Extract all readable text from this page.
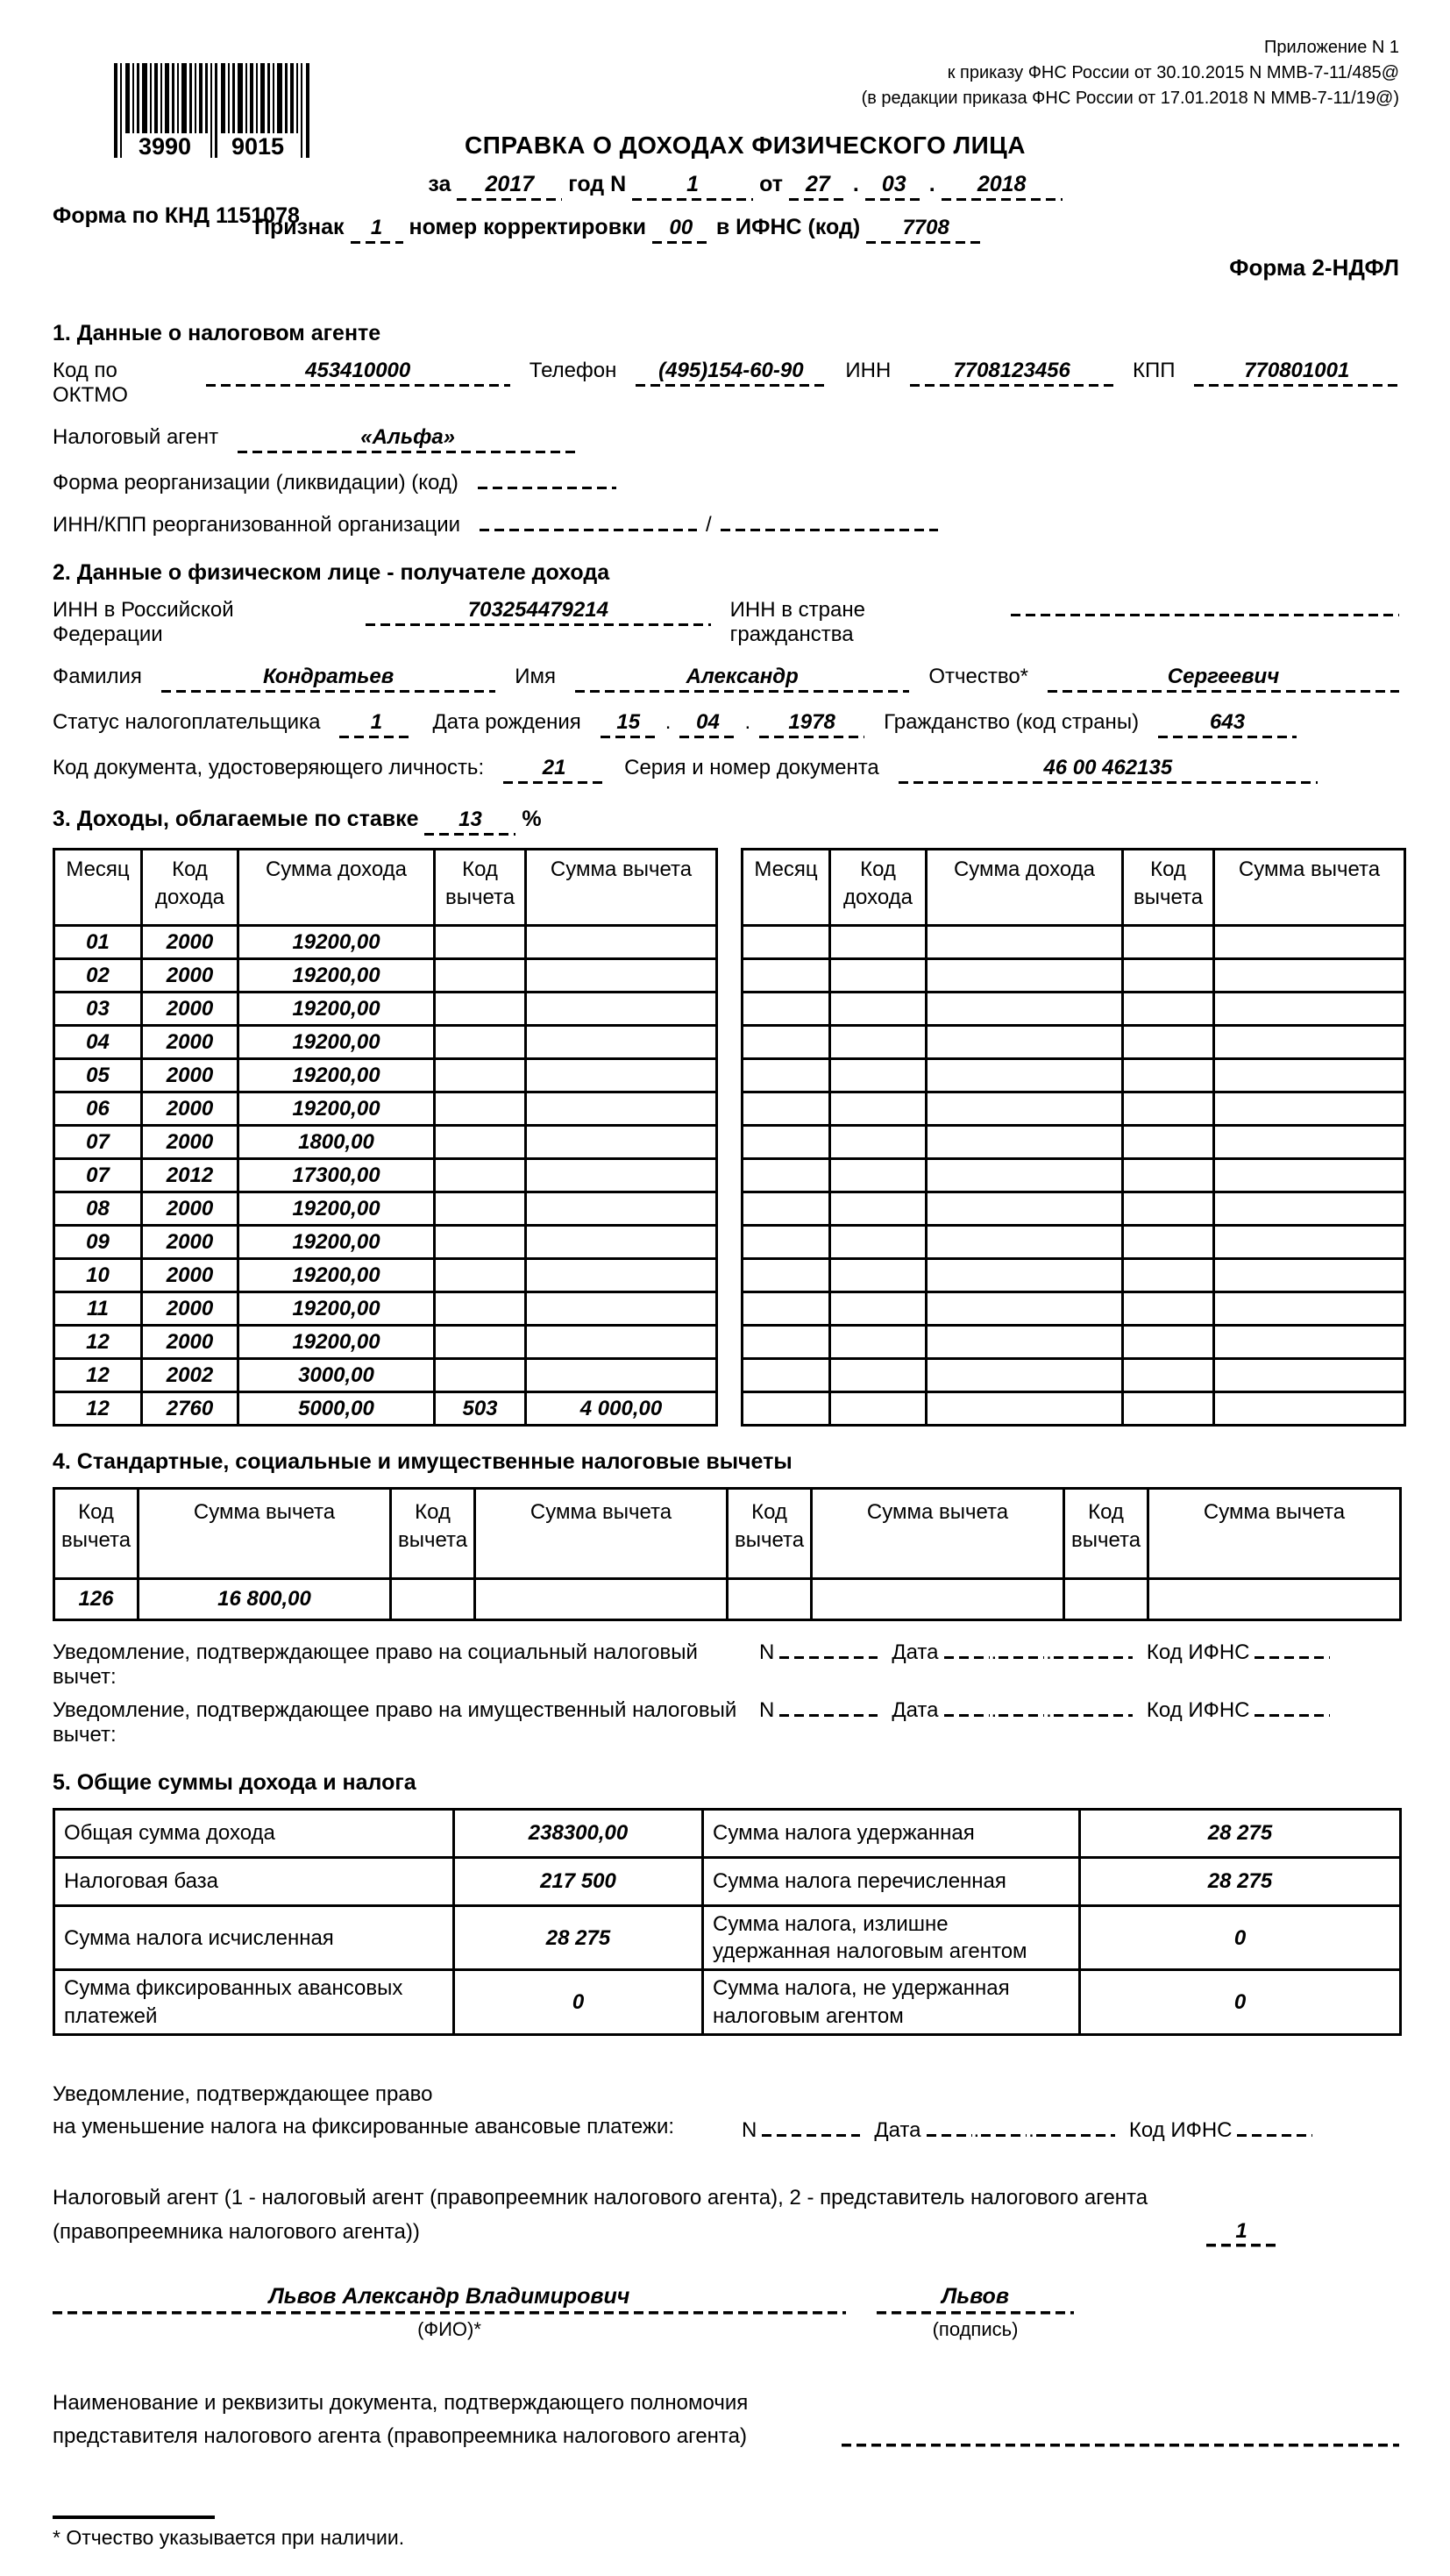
Приложение N 1
к приказу ФНС России от 30.10.2015 N ММВ-7-11/485@
(в редакции приказа ФНС России от 17.01.2018 N ММВ-7-11/19@)
3990 9015
Форма по КНД 1151078
СПРАВКА О ДОХОДАХ ФИЗИЧЕСКОГО ЛИЦА
за 2017 год N	1	от 27 . 03 . 2018
Признак 1 номер корректировки 00 в ИФНС (код) 7708
Форма 2-НДФЛ
1. Данные о налоговом агенте
Код по ОКТМО
453410000	Телефон	(495)154-60-90	ИНН	7708123456	КПП	770801001
Налоговый агент	«Альфа»
Форма реорганизации (ликвидации) (код)
ИНН/КПП реорганизованной организации	/
2. Данные о физическом лице - получателе дохода
ИНН в Российской Федерации
703254479214	ИНН в стране гражданства
Фамилия	Кондратьев	Имя	Александр	Отчество*	Сергеевич
Статус налогоплательщика	1	Дата рождения	15	.	04	.	1978	Гражданство (код страны)	643
Код документа, удостоверяющего личность:	21	Серия и номер документа	46 00 462135
3. Доходы, облагаемые по ставке 13 %
Месяц	Код дохода	Сумма дохода	Код вычета	Сумма вычета
01	2000	19200,00		
02	2000	19200,00		
03	2000	19200,00		
04	2000	19200,00		
05	2000	19200,00		
06	2000	19200,00		
07	2000	1800,00		
07	2012	17300,00		
08	2000	19200,00		
09	2000	19200,00		
10	2000	19200,00		
11	2000	19200,00		
12	2000	19200,00		
12	2002	3000,00		
12	2760	5000,00	503	4 000,00
Месяц	Код дохода	Сумма дохода	Код вычета	Сумма вычета

4. Стандартные, социальные и имущественные налоговые вычеты
Код вычета	Сумма вычета	Код вычета	Сумма вычета	Код вычета	Сумма вычета	Код вычета	Сумма вычета
126	16 800,00						
Уведомление, подтверждающее право на социальный налоговый вычет:
N	Дата	. .	Код ИФНС
Уведомление, подтверждающее право на имущественный налоговый вычет:
N	Дата	. .	Код ИФНС
5. Общие суммы дохода и налога
Общая сумма дохода	238300,00	Сумма налога удержанная	28 275
Налоговая база	217 500	Сумма налога перечисленная	28 275
Сумма налога исчисленная	28 275	Сумма налога, излишне удержанная налоговым агентом	0
Сумма фиксированных авансовых платежей	0	Сумма налога, не удержанная налоговым агентом	0
Уведомление, подтверждающее право
на уменьшение налога на фиксированные авансовые платежи:	N	Дата	. .	Код ИФНС
Налоговый агент (1 - налоговый агент (правопреемник налогового агента), 2 - представитель налогового агента
(правопреемника налогового агента))	1
Львов Александр Владимирович
(ФИО)*
Львов
(подпись)
Наименование и реквизиты документа, подтверждающего полномочия
представителя налогового агента (правопреемника налогового агента)
* Отчество указывается при наличии.
